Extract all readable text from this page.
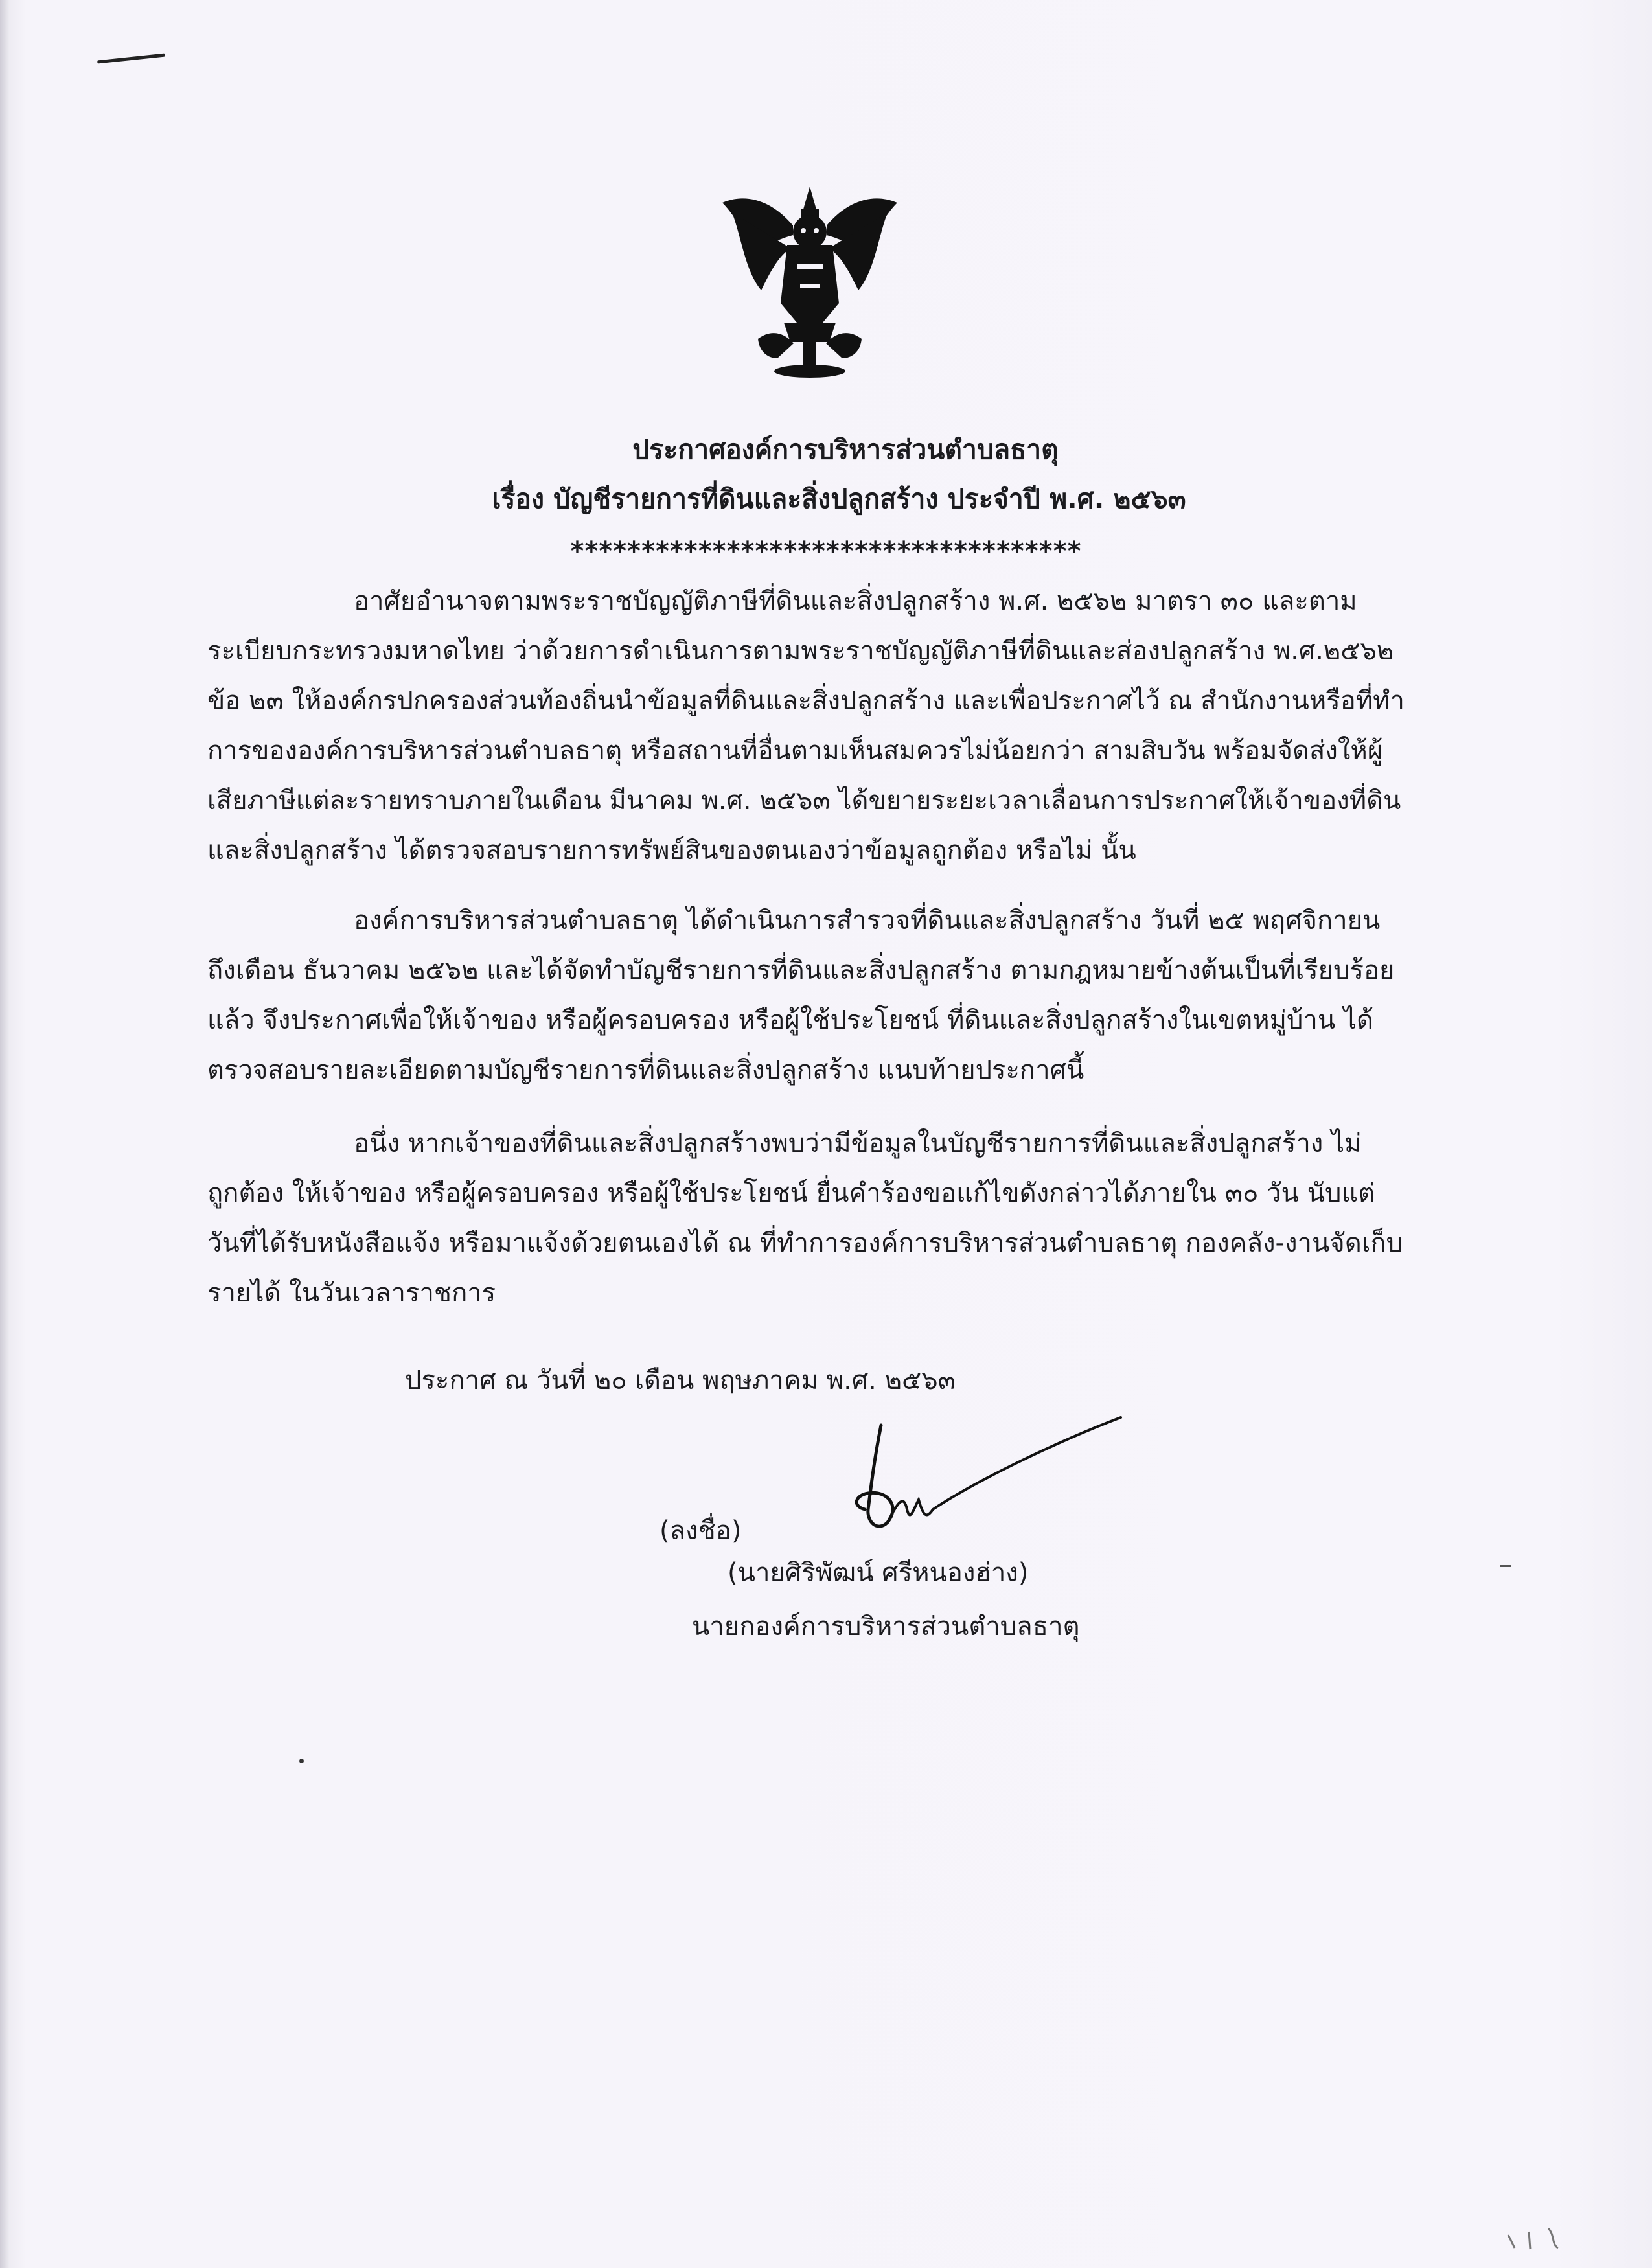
ประกาศองค์การบริหารส่วนตำบลธาตุ
เรื่อง บัญชีรายการที่ดินและสิ่งปลูกสร้าง ประจำปี พ.ศ. ๒๕๖๓
************************************
อาศัยอำนาจตามพระราชบัญญัติภาษีที่ดินและสิ่งปลูกสร้าง พ.ศ. ๒๕๖๒ มาตรา ๓๐ และตาม
ระเบียบกระทรวงมหาดไทย ว่าด้วยการดำเนินการตามพระราชบัญญัติภาษีที่ดินและส่องปลูกสร้าง พ.ศ.๒๕๖๒
ข้อ ๒๓ ให้องค์กรปกครองส่วนท้องถิ่นนำข้อมูลที่ดินและสิ่งปลูกสร้าง และเพื่อประกาศไว้ ณ สำนักงานหรือที่ทำ
การขององค์การบริหารส่วนตำบลธาตุ หรือสถานที่อื่นตามเห็นสมควรไม่น้อยกว่า สามสิบวัน พร้อมจัดส่งให้ผู้
เสียภาษีแต่ละรายทราบภายในเดือน มีนาคม พ.ศ. ๒๕๖๓ ได้ขยายระยะเวลาเลื่อนการประกาศให้เจ้าของที่ดิน
และสิ่งปลูกสร้าง ได้ตรวจสอบรายการทรัพย์สินของตนเองว่าข้อมูลถูกต้อง หรือไม่ นั้น
องค์การบริหารส่วนตำบลธาตุ ได้ดำเนินการสำรวจที่ดินและสิ่งปลูกสร้าง วันที่ ๒๕ พฤศจิกายน
ถึงเดือน ธันวาคม ๒๕๖๒ และได้จัดทำบัญชีรายการที่ดินและสิ่งปลูกสร้าง ตามกฎหมายข้างต้นเป็นที่เรียบร้อย
แล้ว จึงประกาศเพื่อให้เจ้าของ หรือผู้ครอบครอง หรือผู้ใช้ประโยชน์ ที่ดินและสิ่งปลูกสร้างในเขตหมู่บ้าน ได้
ตรวจสอบรายละเอียดตามบัญชีรายการที่ดินและสิ่งปลูกสร้าง แนบท้ายประกาศนี้
อนึ่ง หากเจ้าของที่ดินและสิ่งปลูกสร้างพบว่ามีข้อมูลในบัญชีรายการที่ดินและสิ่งปลูกสร้าง ไม่
ถูกต้อง ให้เจ้าของ หรือผู้ครอบครอง หรือผู้ใช้ประโยชน์ ยื่นคำร้องขอแก้ไขดังกล่าวได้ภายใน ๓๐ วัน นับแต่
วันที่ได้รับหนังสือแจ้ง หรือมาแจ้งด้วยตนเองได้ ณ ที่ทำการองค์การบริหารส่วนตำบลธาตุ กองคลัง-งานจัดเก็บ
รายได้ ในวันเวลาราชการ
ประกาศ ณ วันที่ ๒๐ เดือน พฤษภาคม พ.ศ. ๒๕๖๓
(ลงชื่อ)
(นายศิริพัฒน์ ศรีหนองฮ่าง)
นายกองค์การบริหารส่วนตำบลธาตุ
